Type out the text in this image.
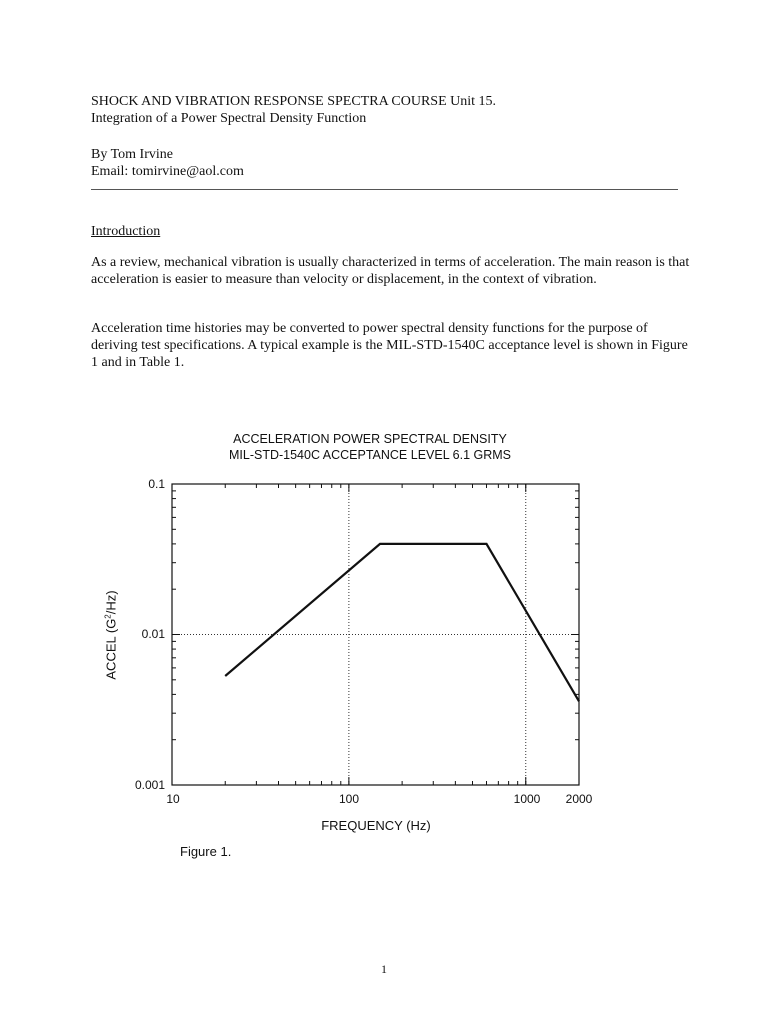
SHOCK AND VIBRATION RESPONSE SPECTRA COURSE Unit 15.
Integration of a Power Spectral Density Function
By Tom Irvine
Email: tomirvine@aol.com
Introduction
As a review, mechanical vibration is usually characterized in terms of acceleration. The main reason is that acceleration is easier to measure than velocity or displacement, in the context of vibration.
Acceleration time histories may be converted to power spectral density functions for the purpose of deriving test specifications. A typical example is the MIL-STD-1540C acceptance level is shown in Figure 1 and in Table 1.
ACCELERATION POWER SPECTRAL DENSITY
MIL-STD-1540C ACCEPTANCE LEVEL 6.1 GRMS
0.1
0.01
0.001
10	100	1000	2000
ACCEL $(G^2/Hz)$
FREQUENCY (Hz)
Figure 1.
1
